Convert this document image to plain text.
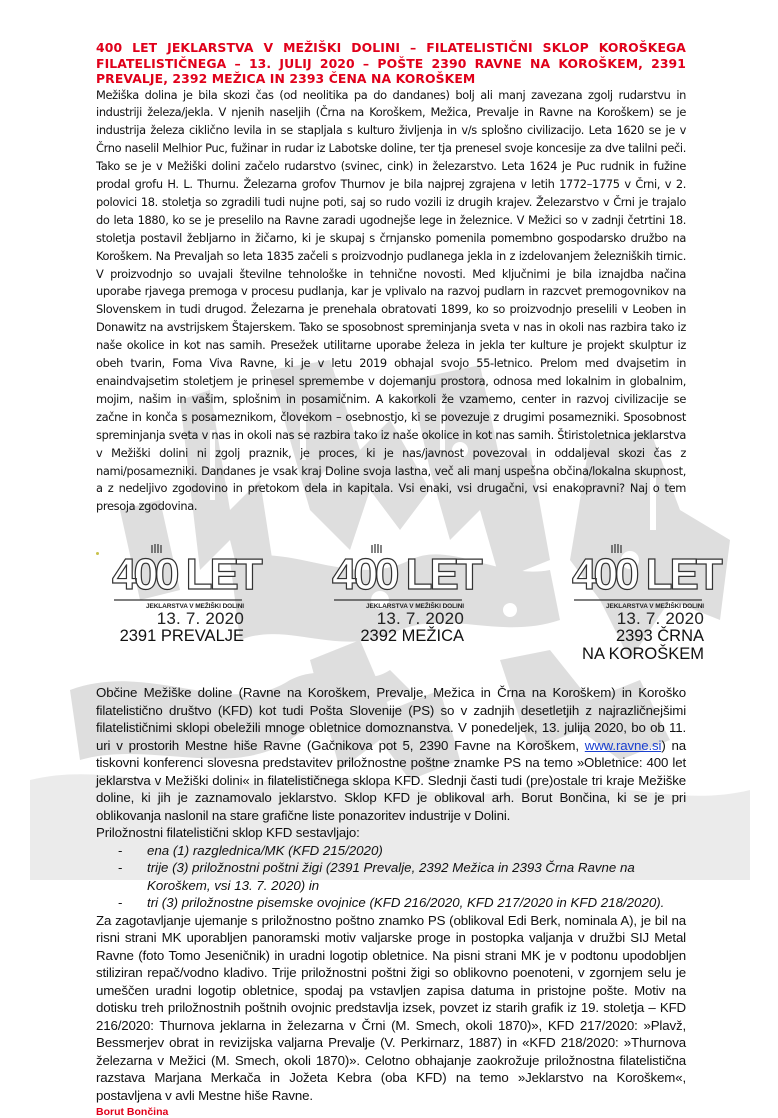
400 LET JEKLARSTVA V MEŽIŠKI DOLINI – FILATELISTIČNI SKLOP KOROŠKEGA FILATELISTIČNEGA – 13. JULIJ 2020 – POŠTE 2390 RAVNE NA KOROŠKEM, 2391 PREVALJE, 2392 MEŽICA IN 2393 ČENA NA KOROŠKEM

Mežiška dolina je bila skozi čas (od neolitika pa do dandanes) bolj ali manj zavezana zgolj rudarstvu in industriji železa/jekla. V njenih naseljih (Črna na Koroškem, Mežica, Prevalje in Ravne na Koroškem) se je industrija železa ciklično levila in se stapljala s kulturo življenja in v/s splošno civilizacijo. Leta 1620 se je v Črno naselil Melhior Puc, fužinar in rudar iz Labotske doline, ter tja prenesel svoje koncesije za dve talilni peči. Tako se je v Mežiški dolini začelo rudarstvo (svinec, cink) in železarstvo. Leta 1624 je Puc rudnik in fužine prodal grofu H. L. Thurnu. Železarna grofov Thurnov je bila najprej zgrajena v letih 1772–1775 v Črni, v 2. polovici 18. stoletja so zgradili tudi nujne poti, saj so rudo vozili iz drugih krajev. Železarstvo v Črni je trajalo do leta 1880, ko se je preselilo na Ravne zaradi ugodnejše lege in železnice. V Mežici so v zadnji četrtini 18. stoletja postavil žebljarno in žičarno, ki je skupaj s črnjansko pomenila pomembno gospodarsko družbo na Koroškem. Na Prevaljah so leta 1835 začeli s proizvodnjo pudlanega jekla in z izdelovanjem železniških tirnic. V proizvodnjo so uvajali številne tehnološke in tehnične novosti. Med ključnimi je bila iznajdba načina uporabe rjavega premoga v procesu pudlanja, kar je vplivalo na razvoj pudlarn in razcvet premogovnikov na Slovenskem in tudi drugod. Železarna je prenehala obratovati 1899, ko so proizvodnjo preselili v Leoben in Donawitz na avstrijskem Štajerskem. Tako se sposobnost spreminjanja sveta v nas in okoli nas razbira tako iz naše okolice in kot nas samih. Presežek utilitarne uporabe železa in jekla ter kulture je projekt skulptur iz obeh tvarin, Foma Viva Ravne, ki je v letu 2019 obhajal svojo 55-letnico. Prelom med dvajsetim in enaindvajsetim stoletjem je prinesel spremembe v dojemanju prostora, odnosa med lokalnim in globalnim, mojim, našim in vašim, splošnim in posamičnim. A kakorkoli že vzamemo, center in razvoj civilizacije se začne in konča s posameznikom, človekom – osebnostjo, ki se povezuje z drugimi posamezniki. Sposobnost spreminjanja sveta v nas in okoli nas se razbira tako iz naše okolice in kot nas samih. Štiristoletnica jeklarstva v Mežiški dolini ni zgolj praznik, je proces, ki je nas/javnost povezoval in oddaljeval skozi čas z nami/posamezniki. Dandanes je vsak kraj Doline svoja lastna, več ali manj uspešna občina/lokalna skupnost, a z nedeljivo zgodovino in pretokom dela in kapitala. Vsi enaki, vsi drugačni, vsi enakopravni? Naj o tem presoja zgodovina.

400 LET
JEKLARSTVA V MEŽIŠKI DOLINI
13. 7. 2020
2391 PREVALJE
400 LET
JEKLARSTVA V MEŽIŠKI DOLINI
13. 7. 2020
2392 MEŽICA
400 LET
JEKLARSTVA V MEŽIŠKI DOLINI
13. 7. 2020
2393 ČRNA
NA KOROŠKEM

Občine Mežiške doline (Ravne na Koroškem, Prevalje, Mežica in Črna na Koroškem) in Koroško filatelistično društvo (KFD) kot tudi Pošta Slovenije (PS) so v zadnjih desetletjih z najrazličnejšimi filatelističnimi sklopi obeležili mnoge obletnice domoznanstva. V ponedeljek, 13. julija 2020, bo ob 11. uri v prostorih Mestne hiše Ravne (Gačnikova pot 5, 2390 Favne na Koroškem, www.ravne.si) na tiskovni konferenci slovesna predstavitev priložnostne poštne znamke PS na temo »Obletnice: 400 let jeklarstva v Mežiški dolini« in filatelističnega sklopa KFD. Slednji časti tudi (pre)ostale tri kraje Mežiške doline, ki jih je zaznamovalo jeklarstvo. Sklop KFD je oblikoval arh. Borut Bončina, ki se je pri oblikovanja naslonil na stare grafične liste ponazoritev industrije v Dolini.

Priložnostni filatelistični sklop KFD sestavljajo:

- ena (1) razglednica/MK (KFD 215/2020)
- trije (3) priložnostni poštni žigi (2391 Prevalje, 2392 Mežica in 2393 Črna Ravne na Koroškem, vsi 13. 7. 2020) in
- tri (3) priložnostne pisemske ovojnice (KFD 216/2020, KFD 217/2020 in KFD 218/2020).

Za zagotavljanje ujemanje s priložnostno poštno znamko PS (oblikoval Edi Berk, nominala A), je bil na risni strani MK uporabljen panoramski motiv valjarske proge in postopka valjanja v družbi SIJ Metal Ravne (foto Tomo Jeseničnik) in uradni logotip obletnice. Na pisni strani MK je v podtonu upodobljen stiliziran repač/vodno kladivo. Trije priložnostni poštni žigi so oblikovno poenoteni, v zgornjem selu je umeščen uradni logotip obletnice, spodaj pa vstavljen zapisa datuma in pristojne pošte. Motiv na dotisku treh priložnostnih poštnih ovojnic predstavlja izsek, povzet iz starih grafik iz 19. stoletja – KFD 216/2020: Thurnova jeklarna in železarna v Črni (M. Smech, okoli 1870)», KFD 217/2020: »Plavž, Bessmerjev obrat in revizijska valjarna Prevalje (V. Perkirnarz, 1887) in «KFD 218/2020: »Thurnova železarna v Mežici (M. Smech, okoli 1870)». Celotno obhajanje zaokrožuje priložnostna filatelistična razstava Marjana Merkača in Jožeta Kebra (oba KFD) na temo »Jeklarstvo na Koroškem«, postavljena v avli Mestne hiše Ravne.

Borut Bončina
